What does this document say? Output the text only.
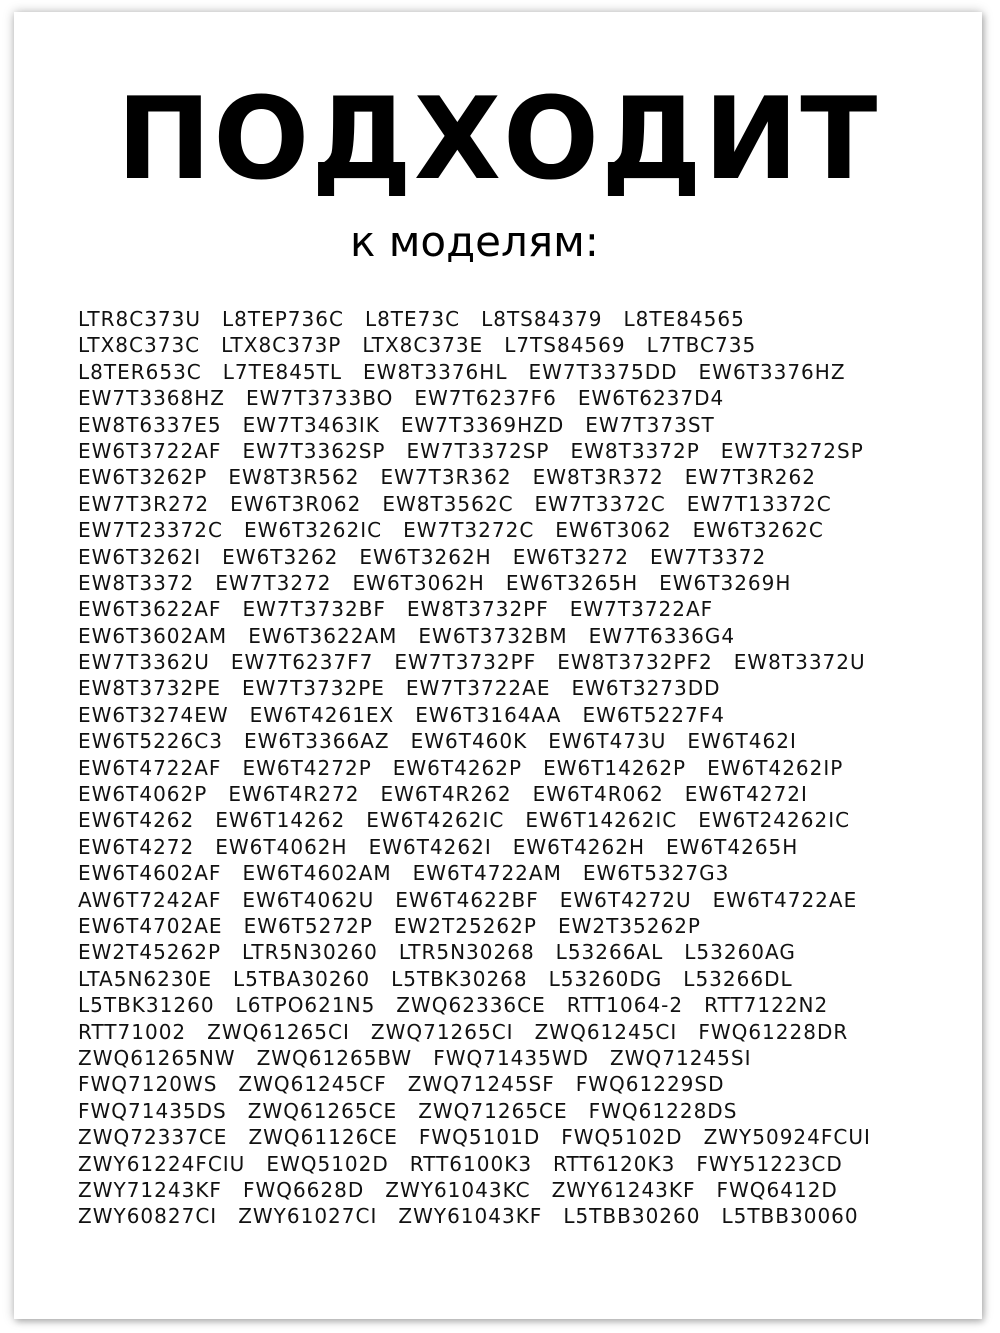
ПОДХОДИТ
к моделям:
LTR8C373U L8TEP736C L8TE73C L8TS84379 L8TE84565
LTX8C373C LTX8C373P LTX8C373E L7TS84569 L7TBC735
L8TER653C L7TE845TL EW8T3376HL EW7T3375DD EW6T3376HZ
EW7T3368HZ EW7T3733BO EW7T6237F6 EW6T6237D4
EW8T6337E5 EW7T3463IK EW7T3369HZD EW7T373ST
EW6T3722AF EW7T3362SP EW7T3372SP EW8T3372P EW7T3272SP
EW6T3262P EW8T3R562 EW7T3R362 EW8T3R372 EW7T3R262
EW7T3R272 EW6T3R062 EW8T3562C EW7T3372C EW7T13372C
EW7T23372C EW6T3262IC EW7T3272C EW6T3062 EW6T3262C
EW6T3262I EW6T3262 EW6T3262H EW6T3272 EW7T3372
EW8T3372 EW7T3272 EW6T3062H EW6T3265H EW6T3269H
EW6T3622AF EW7T3732BF EW8T3732PF EW7T3722AF
EW6T3602AM EW6T3622AM EW6T3732BM EW7T6336G4
EW7T3362U EW7T6237F7 EW7T3732PF EW8T3732PF2 EW8T3372U
EW8T3732PE EW7T3732PE EW7T3722AE EW6T3273DD
EW6T3274EW EW6T4261EX EW6T3164AA EW6T5227F4
EW6T5226C3 EW6T3366AZ EW6T460K EW6T473U EW6T462I
EW6T4722AF EW6T4272P EW6T4262P EW6T14262P EW6T4262IP
EW6T4062P EW6T4R272 EW6T4R262 EW6T4R062 EW6T4272I
EW6T4262 EW6T14262 EW6T4262IC EW6T14262IC EW6T24262IC
EW6T4272 EW6T4062H EW6T4262I EW6T4262H EW6T4265H
EW6T4602AF EW6T4602AM EW6T4722AM EW6T5327G3
AW6T7242AF EW6T4062U EW6T4622BF EW6T4272U EW6T4722AE
EW6T4702AE EW6T5272P EW2T25262P EW2T35262P
EW2T45262P LTR5N30260 LTR5N30268 L53266AL L53260AG
LTA5N6230E L5TBA30260 L5TBK30268 L53260DG L53266DL
L5TBK31260 L6TPO621N5 ZWQ62336CE RTT1064-2 RTT7122N2
RTT71002 ZWQ61265CI ZWQ71265CI ZWQ61245CI FWQ61228DR
ZWQ61265NW ZWQ61265BW FWQ71435WD ZWQ71245SI
FWQ7120WS ZWQ61245CF ZWQ71245SF FWQ61229SD
FWQ71435DS ZWQ61265CE ZWQ71265CE FWQ61228DS
ZWQ72337CE ZWQ61126CE FWQ5101D FWQ5102D ZWY50924FCUI
ZWY61224FCIU EWQ5102D RTT6100K3 RTT6120K3 FWY51223CD
ZWY71243KF FWQ6628D ZWY61043KC ZWY61243KF FWQ6412D
ZWY60827CI ZWY61027CI ZWY61043KF L5TBB30260 L5TBB30060
